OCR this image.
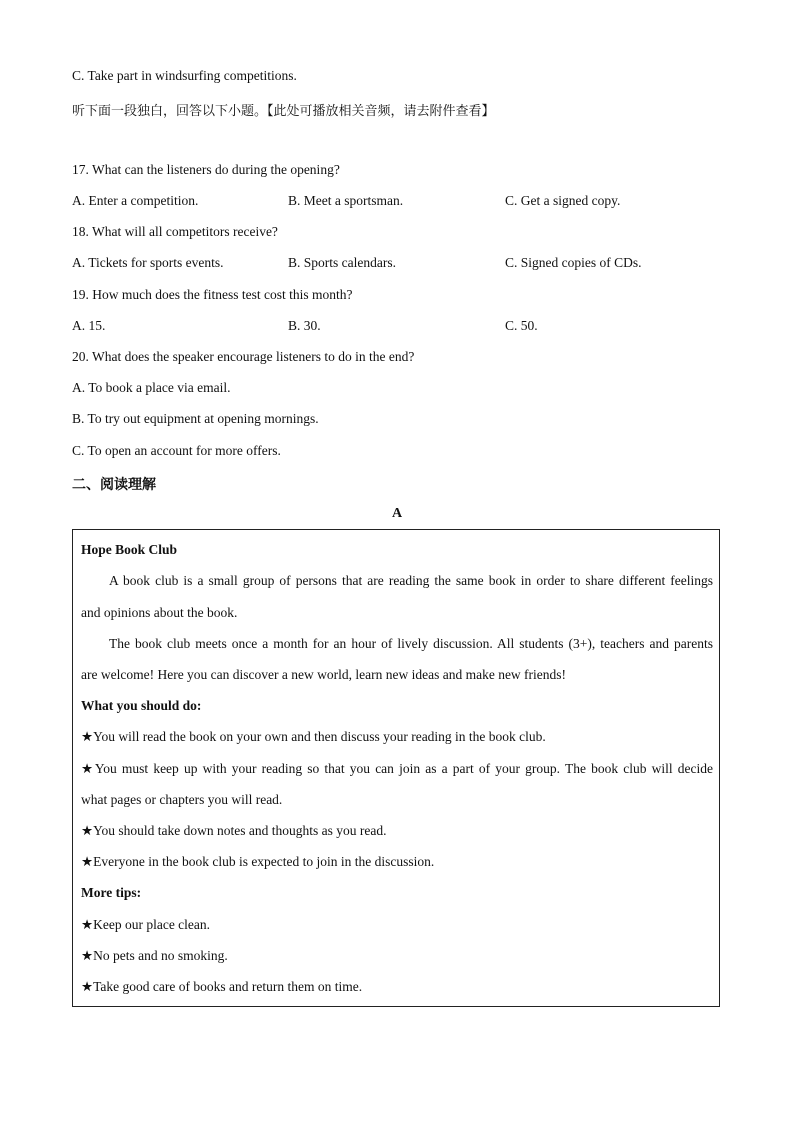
C. Take part in windsurfing competitions.
听下面一段独白，回答以下小题。【此处可播放相关音频，请去附件查看】
17. What can the listeners do during the opening?
A. Enter a competition.	B. Meet a sportsman.	C. Get a signed copy.
18. What will all competitors receive?
A. Tickets for sports events.	B. Sports calendars.	C. Signed copies of CDs.
19. How much does the fitness test cost this month?
A. 15.	B. 30.	C. 50.
20. What does the speaker encourage listeners to do in the end?
A. To book a place via email.
B. To try out equipment at opening mornings.
C. To open an account for more offers.
二、阅读理解
A
Hope Book Club
A book club is a small group of persons that are reading the same book in order to share different feelings
and opinions about the book.
The book club meets once a month for an hour of lively discussion. All students (3+), teachers and parents
are welcome! Here you can discover a new world, learn new ideas and make new friends!
What you should do:
★You will read the book on your own and then discuss your reading in the book club.
★You must keep up with your reading so that you can join as a part of your group. The book club will decide
what pages or chapters you will read.
★You should take down notes and thoughts as you read.
★Everyone in the book club is expected to join in the discussion.
More tips:
★Keep our place clean.
★No pets and no smoking.
★Take good care of books and return them on time.
